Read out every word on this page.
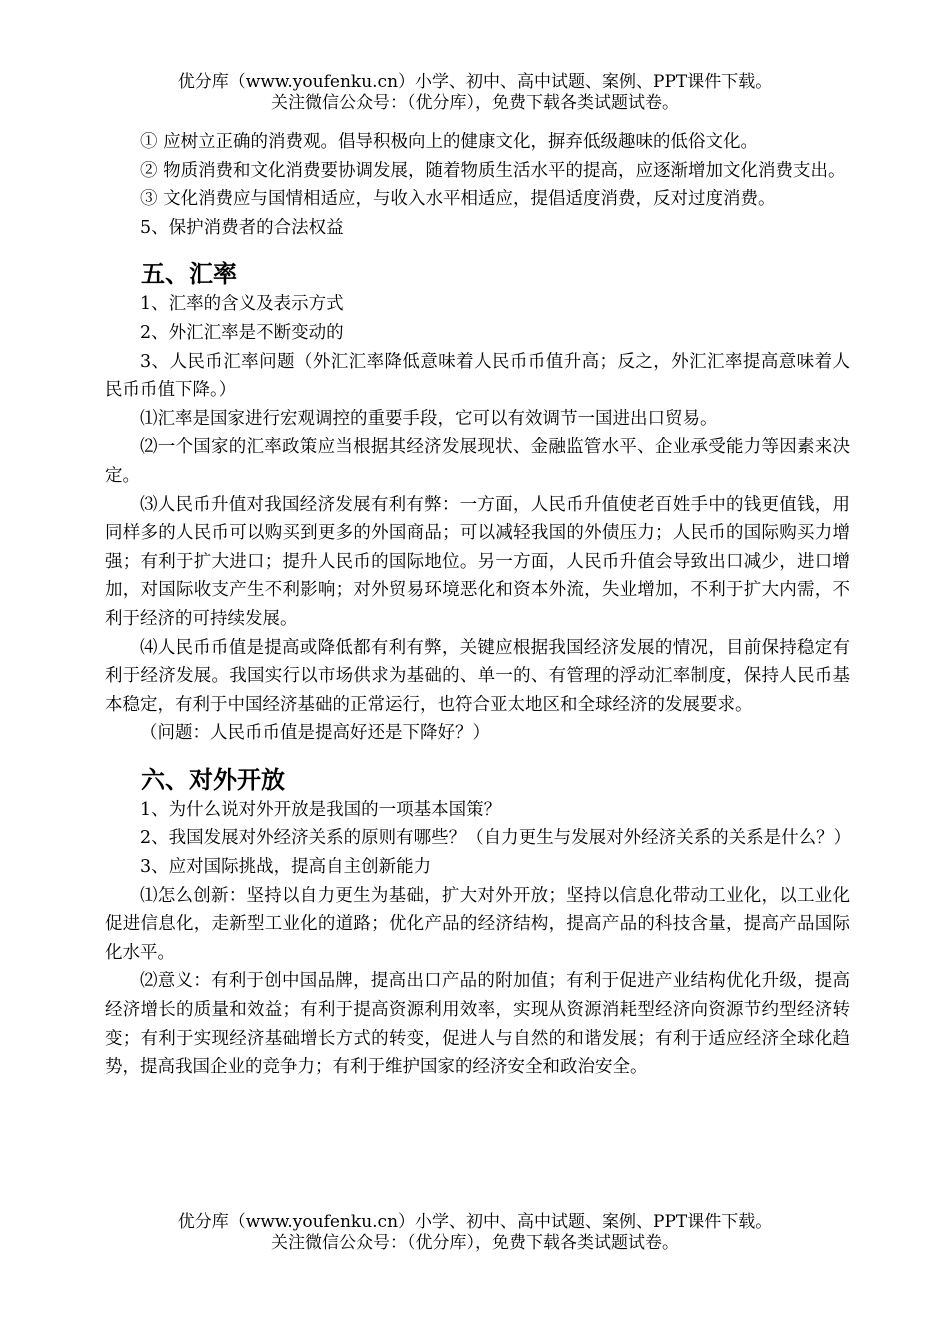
优分库（www.youfenku.cn）小学、初中、高中试题、案例、PPT课件下载。
关注微信公众号：（优分库），免费下载各类试题试卷。

① 应树立正确的消费观。倡导积极向上的健康文化，摒弃低级趣味的低俗文化。

② 物质消费和文化消费要协调发展，随着物质生活水平的提高，应逐渐增加文化消费支出。

③ 文化消费应与国情相适应，与收入水平相适应，提倡适度消费，反对过度消费。

5、保护消费者的合法权益

五、汇率

1、汇率的含义及表示方式

2、外汇汇率是不断变动的

3、人民币汇率问题（外汇汇率降低意味着人民币币值升高；反之，外汇汇率提高意味着人民币币值下降。）

⑴汇率是国家进行宏观调控的重要手段，它可以有效调节一国进出口贸易。

⑵一个国家的汇率政策应当根据其经济发展现状、金融监管水平、企业承受能力等因素来决定。

⑶人民币升值对我国经济发展有利有弊：一方面，人民币升值使老百姓手中的钱更值钱，用同样多的人民币可以购买到更多的外国商品；可以减轻我国的外债压力；人民币的国际购买力增强；有利于扩大进口；提升人民币的国际地位。另一方面，人民币升值会导致出口减少，进口增加，对国际收支产生不利影响；对外贸易环境恶化和资本外流，失业增加，不利于扩大内需，不利于经济的可持续发展。

⑷人民币币值是提高或降低都有利有弊，关键应根据我国经济发展的情况，目前保持稳定有利于经济发展。我国实行以市场供求为基础的、单一的、有管理的浮动汇率制度，保持人民币基本稳定，有利于中国经济基础的正常运行，也符合亚太地区和全球经济的发展要求。

（问题：人民币币值是提高好还是下降好？）

六、对外开放

1、为什么说对外开放是我国的一项基本国策？

2、我国发展对外经济关系的原则有哪些？（自力更生与发展对外经济关系的关系是什么？）

3、应对国际挑战，提高自主创新能力

⑴怎么创新：坚持以自力更生为基础，扩大对外开放；坚持以信息化带动工业化，以工业化促进信息化，走新型工业化的道路；优化产品的经济结构，提高产品的科技含量，提高产品国际化水平。

⑵意义：有利于创中国品牌，提高出口产品的附加值；有利于促进产业结构优化升级，提高经济增长的质量和效益；有利于提高资源利用效率，实现从资源消耗型经济向资源节约型经济转变；有利于实现经济基础增长方式的转变，促进人与自然的和谐发展；有利于适应经济全球化趋势，提高我国企业的竞争力；有利于维护国家的经济安全和政治安全。

优分库（www.youfenku.cn）小学、初中、高中试题、案例、PPT课件下载。
关注微信公众号：（优分库），免费下载各类试题试卷。
